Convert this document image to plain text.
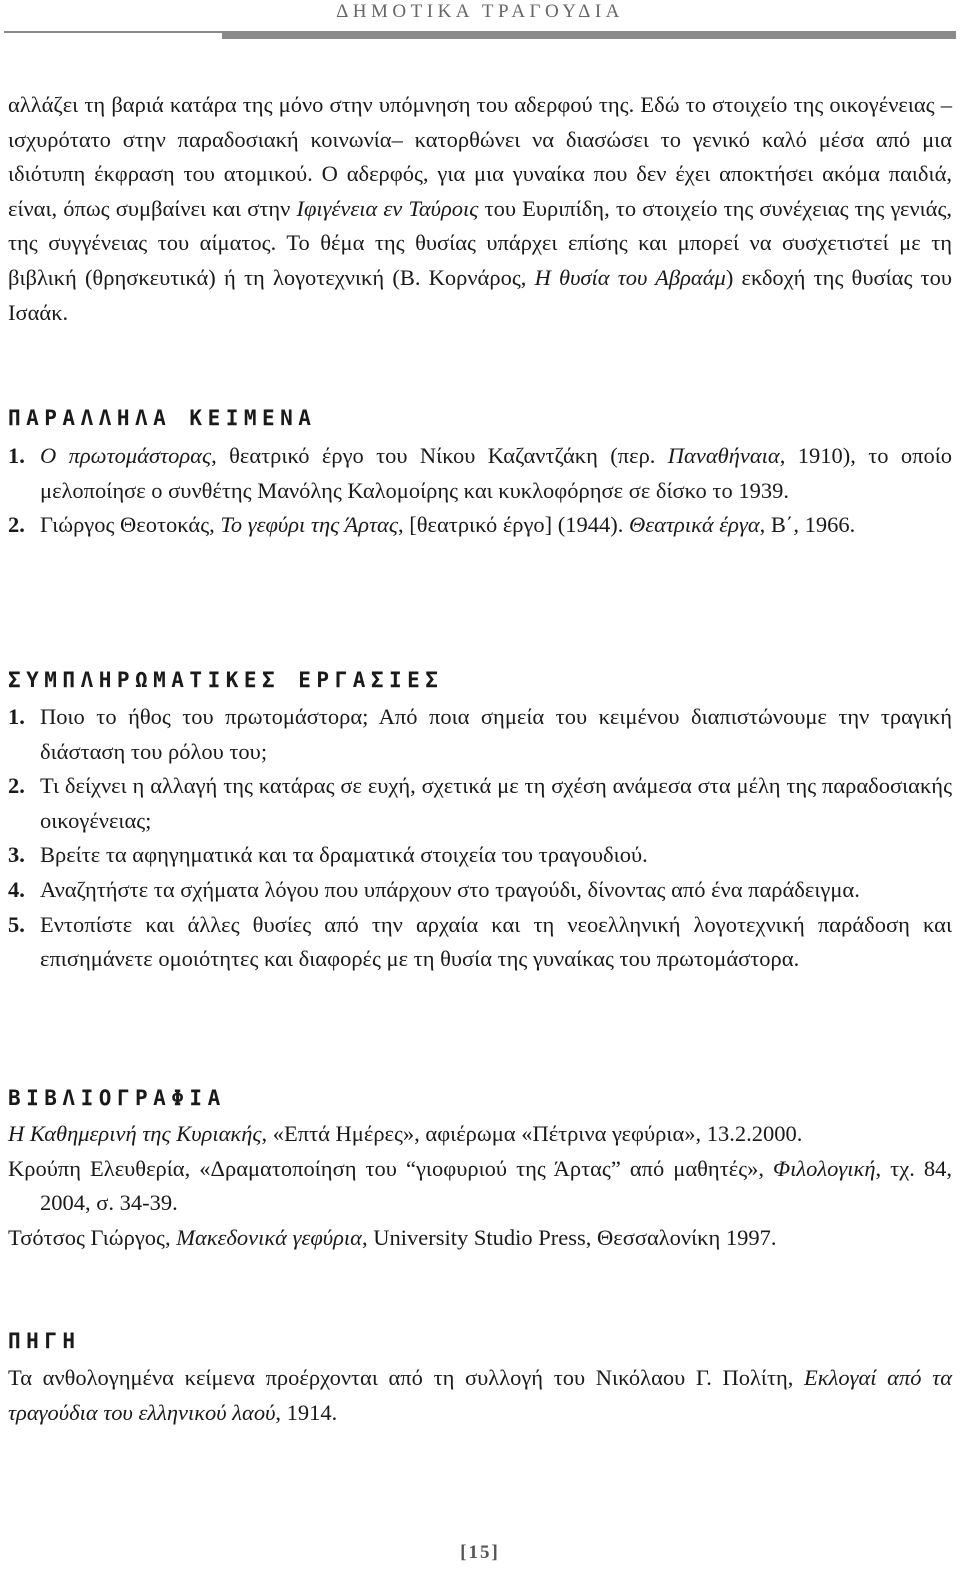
ΔΗΜΟΤΙΚΑ ΤΡΑΓΟΥΔΙΑ

αλλάζει τη βαριά κατάρα της μόνο στην υπόμνηση του αδερφού της. Εδώ το στοιχείο της οικογένειας –ισχυρότατο στην παραδοσιακή κοινωνία– κατορθώνει να διασώσει το γενικό καλό μέσα από μια ιδιότυπη έκφραση του ατομικού. Ο αδερφός, για μια γυναίκα που δεν έχει αποκτήσει ακόμα παιδιά, είναι, όπως συμβαίνει και στην Ιφιγένεια εν Ταύροις του Ευριπίδη, το στοιχείο της συνέχειας της γενιάς, της συγγένειας του αίματος. Το θέμα της θυσίας υπάρχει επίσης και μπορεί να συσχετιστεί με τη βιβλική (θρησκευτικά) ή τη λογοτεχνική (Β. Κορνάρος, Η θυσία του Αβραάμ) εκδοχή της θυσίας του Ισαάκ.

ΠΑΡΑΛΛΗΛΑ ΚΕΙΜΕΝΑ
1. Ο πρωτομάστορας, θεατρικό έργο του Νίκου Καζαντζάκη (περ. Παναθήναια, 1910), το οποίο μελοποίησε ο συνθέτης Μανόλης Καλομοίρης και κυκλοφόρησε σε δίσκο το 1939.
2. Γιώργος Θεοτοκάς, Το γεφύρι της Άρτας, [θεατρικό έργο] (1944). Θεατρικά έργα, Β΄, 1966.
ΣΥΜΠΛΗΡΩΜΑΤΙΚΕΣ ΕΡΓΑΣΙΕΣ
1. Ποιο το ήθος του πρωτομάστορα; Από ποια σημεία του κειμένου διαπιστώνουμε την τραγική διάσταση του ρόλου του;
2. Τι δείχνει η αλλαγή της κατάρας σε ευχή, σχετικά με τη σχέση ανάμεσα στα μέλη της παραδοσιακής οικογένειας;
3. Βρείτε τα αφηγηματικά και τα δραματικά στοιχεία του τραγουδιού.
4. Αναζητήστε τα σχήματα λόγου που υπάρχουν στο τραγούδι, δίνοντας από ένα παράδειγμα.
5. Εντοπίστε και άλλες θυσίες από την αρχαία και τη νεοελληνική λογοτεχνική παράδοση και επισημάνετε ομοιότητες και διαφορές με τη θυσία της γυναίκας του πρωτομάστορα.
ΒΙΒΛΙΟΓΡΑΦΙΑ
Η Καθημερινή της Κυριακής, «Επτά Ημέρες», αφιέρωμα «Πέτρινα γεφύρια», 13.2.2000.
Κρούπη Ελευθερία, «Δραματοποίηση του “γιοφυριού της Άρτας” από μαθητές», Φιλολογική, τχ. 84, 2004, σ. 34-39.
Τσότσος Γιώργος, Μακεδονικά γεφύρια, University Studio Press, Θεσσαλονίκη 1997.
ΠΗΓΗ

Τα ανθολογημένα κείμενα προέρχονται από τη συλλογή του Νικόλαου Γ. Πολίτη, Εκλογαί από τα τραγούδια του ελληνικού λαού, 1914.

[15]
